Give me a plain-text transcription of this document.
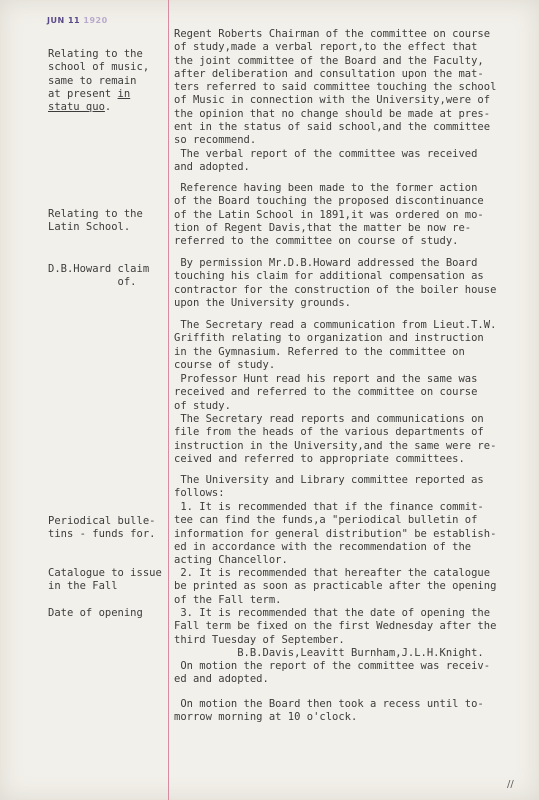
JUN 11 1920
Relating to the
school of music,
same to remain
at present in
statu quo.
Relating to the
Latin School.
D.B.Howard claim
of.
Periodical bulle-
tins - funds for.
Catalogue to issue
in the Fall
Date of opening
Regent Roberts Chairman of the committee on course
of study,made a verbal report,to the effect that
the joint committee of the Board and the Faculty,
after deliberation and consultation upon the mat-
ters referred to said committee touching the school
of Music in connection with the University,were of
the opinion that no change should be made at pres-
ent in the status of said school,and the committee
so recommend.
The verbal report of the committee was received
and adopted.
Reference having been made to the former action
of the Board touching the proposed discontinuance
of the Latin School in 1891,it was ordered on mo-
tion of Regent Davis,that the matter be now re-
referred to the committee on course of study.
By permission Mr.D.B.Howard addressed the Board
touching his claim for additional compensation as
contractor for the construction of the boiler house
upon the University grounds.
The Secretary read a communication from Lieut.T.W.
Griffith relating to organization and instruction
in the Gymnasium. Referred to the committee on
course of study.
Professor Hunt read his report and the same was
received and referred to the committee on course
of study.
The Secretary read reports and communications on
file from the heads of the various departments of
instruction in the University,and the same were re-
ceived and referred to appropriate committees.
The University and Library committee reported as
follows:
1. It is recommended that if the finance commit-
tee can find the funds,a "periodical bulletin of
information for general distribution" be establish-
ed in accordance with the recommendation of the
acting Chancellor.
2. It is recommended that hereafter the catalogue
be printed as soon as practicable after the opening
of the Fall term.
3. It is recommended that the date of opening the
Fall term be fixed on the first Wednesday after the
third Tuesday of September.
B.B.Davis,Leavitt Burnham,J.L.H.Knight.
On motion the report of the committee was receiv-
ed and adopted.
On motion the Board then took a recess until to-
morrow morning at 10 o'clock.
//
